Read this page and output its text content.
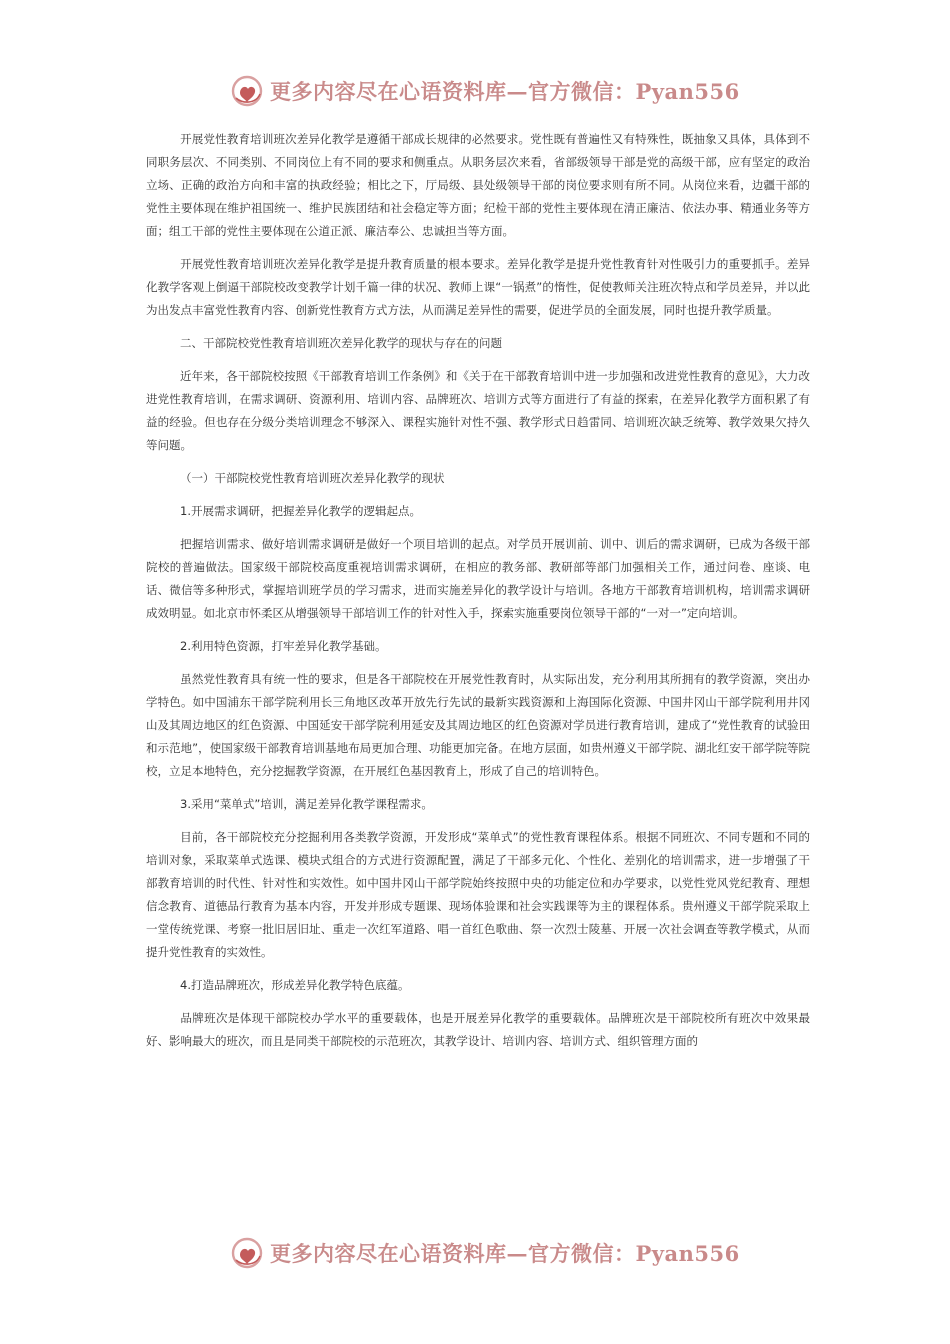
更多内容尽在心语资料库—官方微信：Pyan556

开展党性教育培训班次差异化教学是遵循干部成长规律的必然要求。党性既有普遍性又有特殊性，既抽象又具体，具体到不同职务层次、不同类别、不同岗位上有不同的要求和侧重点。从职务层次来看，省部级领导干部是党的高级干部，应有坚定的政治立场、正确的政治方向和丰富的执政经验；相比之下，厅局级、县处级领导干部的岗位要求则有所不同。从岗位来看，边疆干部的党性主要体现在维护祖国统一、维护民族团结和社会稳定等方面；纪检干部的党性主要体现在清正廉洁、依法办事、精通业务等方面；组工干部的党性主要体现在公道正派、廉洁奉公、忠诚担当等方面。

开展党性教育培训班次差异化教学是提升教育质量的根本要求。差异化教学是提升党性教育针对性吸引力的重要抓手。差异化教学客观上倒逼干部院校改变教学计划千篇一律的状况、教师上课“一锅煮”的惰性，促使教师关注班次特点和学员差异，并以此为出发点丰富党性教育内容、创新党性教育方式方法，从而满足差异性的需要，促进学员的全面发展，同时也提升教学质量。

二、干部院校党性教育培训班次差异化教学的现状与存在的问题

近年来，各干部院校按照《干部教育培训工作条例》和《关于在干部教育培训中进一步加强和改进党性教育的意见》，大力改进党性教育培训，在需求调研、资源利用、培训内容、品牌班次、培训方式等方面进行了有益的探索，在差异化教学方面积累了有益的经验。但也存在分级分类培训理念不够深入、课程实施针对性不强、教学形式日趋雷同、培训班次缺乏统筹、教学效果欠持久等问题。

（一）干部院校党性教育培训班次差异化教学的现状

1.开展需求调研，把握差异化教学的逻辑起点。

把握培训需求、做好培训需求调研是做好一个项目培训的起点。对学员开展训前、训中、训后的需求调研，已成为各级干部院校的普遍做法。国家级干部院校高度重视培训需求调研，在相应的教务部、教研部等部门加强相关工作，通过问卷、座谈、电话、微信等多种形式，掌握培训班学员的学习需求，进而实施差异化的教学设计与培训。各地方干部教育培训机构，培训需求调研成效明显。如北京市怀柔区从增强领导干部培训工作的针对性入手，探索实施重要岗位领导干部的“一对一”定向培训。

2.利用特色资源，打牢差异化教学基础。

虽然党性教育具有统一性的要求，但是各干部院校在开展党性教育时，从实际出发，充分利用其所拥有的教学资源，突出办学特色。如中国浦东干部学院利用长三角地区改革开放先行先试的最新实践资源和上海国际化资源、中国井冈山干部学院利用井冈山及其周边地区的红色资源、中国延安干部学院利用延安及其周边地区的红色资源对学员进行教育培训，建成了“党性教育的试验田和示范地”，使国家级干部教育培训基地布局更加合理、功能更加完备。在地方层面，如贵州遵义干部学院、湖北红安干部学院等院校，立足本地特色，充分挖掘教学资源，在开展红色基因教育上，形成了自己的培训特色。

3.采用“菜单式”培训，满足差异化教学课程需求。

目前，各干部院校充分挖掘利用各类教学资源，开发形成“菜单式”的党性教育课程体系。根据不同班次、不同专题和不同的培训对象，采取菜单式选课、模块式组合的方式进行资源配置，满足了干部多元化、个性化、差别化的培训需求，进一步增强了干部教育培训的时代性、针对性和实效性。如中国井冈山干部学院始终按照中央的功能定位和办学要求，以党性党风党纪教育、理想信念教育、道德品行教育为基本内容，开发并形成专题课、现场体验课和社会实践课等为主的课程体系。贵州遵义干部学院采取上一堂传统党课、考察一批旧居旧址、重走一次红军道路、唱一首红色歌曲、祭一次烈士陵墓、开展一次社会调查等教学模式，从而提升党性教育的实效性。

4.打造品牌班次，形成差异化教学特色底蕴。

品牌班次是体现干部院校办学水平的重要载体，也是开展差异化教学的重要载体。品牌班次是干部院校所有班次中效果最好、影响最大的班次，而且是同类干部院校的示范班次，其教学设计、培训内容、培训方式、组织管理方面的

更多内容尽在心语资料库—官方微信：Pyan556
